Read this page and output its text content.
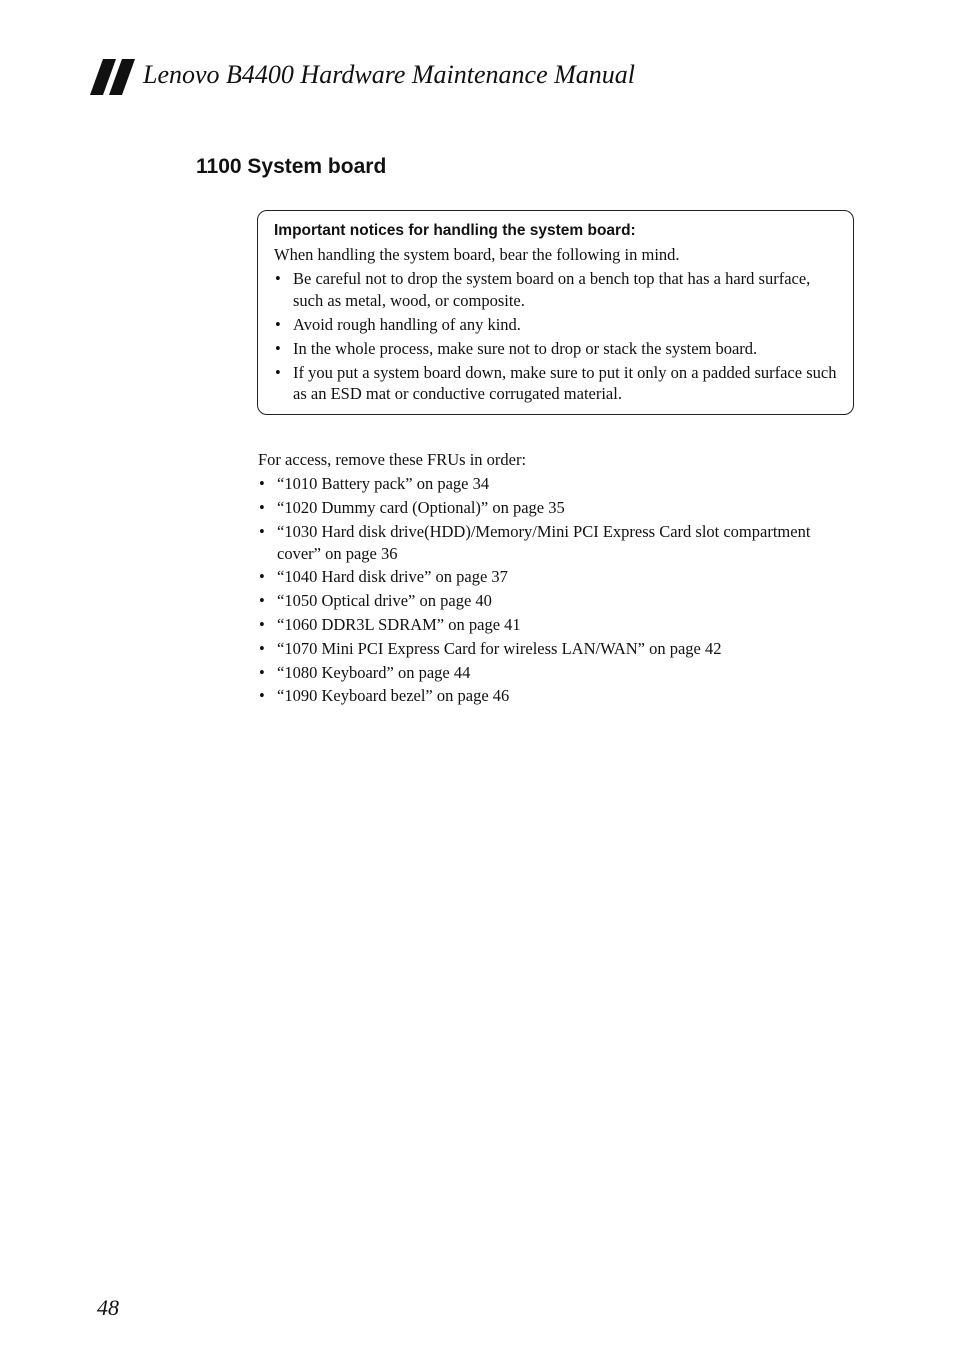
Lenovo B4400 Hardware Maintenance Manual
1100 System board
Important notices for handling the system board:
When handling the system board, bear the following in mind.
• Be careful not to drop the system board on a bench top that has a hard surface, such as metal, wood, or composite.
• Avoid rough handling of any kind.
• In the whole process, make sure not to drop or stack the system board.
• If you put a system board down, make sure to put it only on a padded surface such as an ESD mat or conductive corrugated material.
For access, remove these FRUs in order:
• “1010 Battery pack” on page 34
• “1020 Dummy card (Optional)” on page 35
• “1030 Hard disk drive(HDD)/Memory/Mini PCI Express Card slot compartment cover” on page 36
• “1040 Hard disk drive” on page 37
• “1050 Optical drive” on page 40
• “1060 DDR3L SDRAM” on page 41
• “1070 Mini PCI Express Card for wireless LAN/WAN” on page 42
• “1080 Keyboard” on page 44
• “1090 Keyboard bezel” on page 46
48
